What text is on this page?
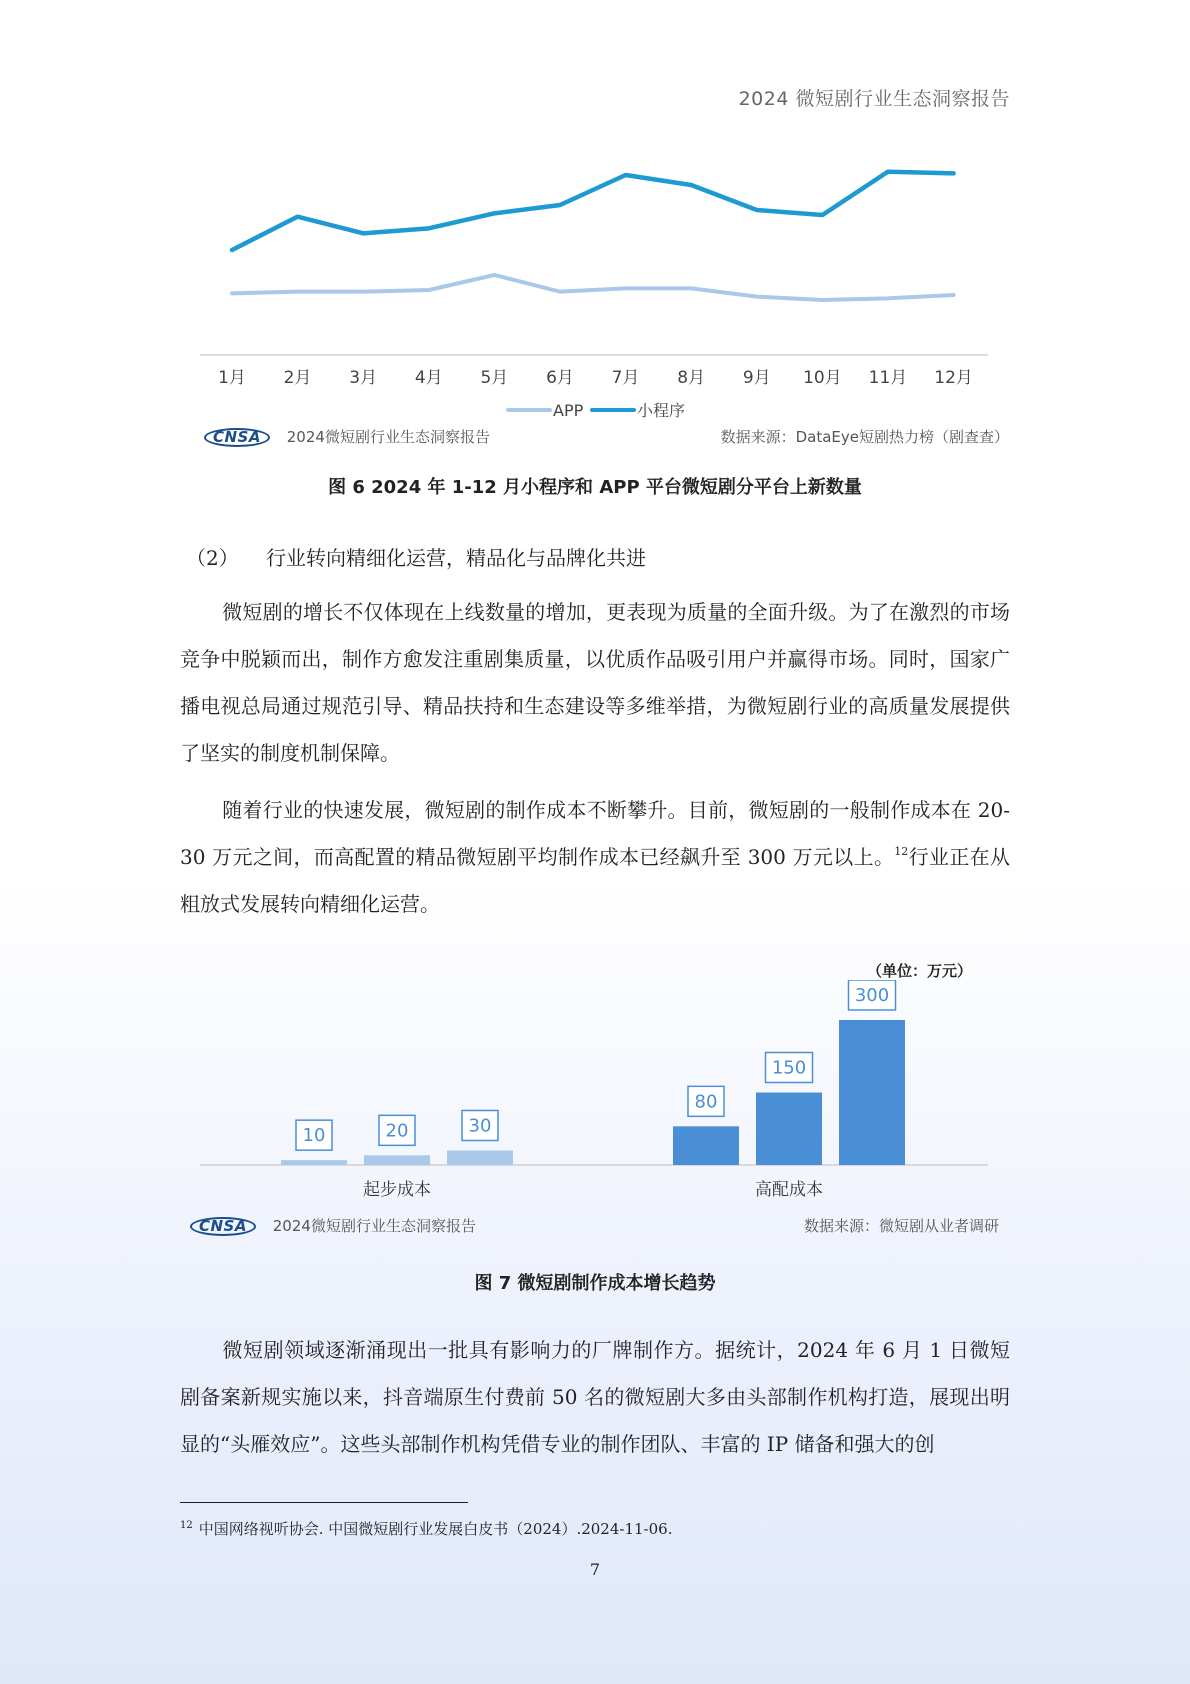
2024 微短剧行业生态洞察报告
1月 2月 3月 4月 5月 6月 7月 8月 9月 10月 11月 12月
APP	小程序
CNSA 2024微短剧行业生态洞察报告	数据来源：DataEye短剧热力榜（剧查查）
图 6 2024 年 1-12 月小程序和 APP 平台微短剧分平台上新数量
（2） 行业转向精细化运营，精品化与品牌化共进

微短剧的增长不仅体现在上线数量的增加，更表现为质量的全面升级。为了在激烈的市场竞争中脱颖而出，制作方愈发注重剧集质量，以优质作品吸引用户并赢得市场。同时，国家广播电视总局通过规范引导、精品扶持和生态建设等多维举措，为微短剧行业的高质量发展提供了坚实的制度机制保障。

随着行业的快速发展，微短剧的制作成本不断攀升。目前，微短剧的一般制作成本在 20-30 万元之间，而高配置的精品微短剧平均制作成本已经飙升至 300 万元以上。$^{12}$行业正在从粗放式发展转向精细化运营。

（单位：万元）
10	20	30
80
150
300
起步成本	高配成本
CNSA 2024微短剧行业生态洞察报告	数据来源：微短剧从业者调研
图 7 微短剧制作成本增长趋势

微短剧领域逐渐涌现出一批具有影响力的厂牌制作方。据统计，2024 年 6 月 1 日微短剧备案新规实施以来，抖音端原生付费前 50 名的微短剧大多由头部制作机构打造，展现出明显的“头雁效应”。这些头部制作机构凭借专业的制作团队、丰富的 IP 储备和强大的创

$^{12}$ 中国网络视听协会. 中国微短剧行业发展白皮书（2024）.2024-11-06.
7
